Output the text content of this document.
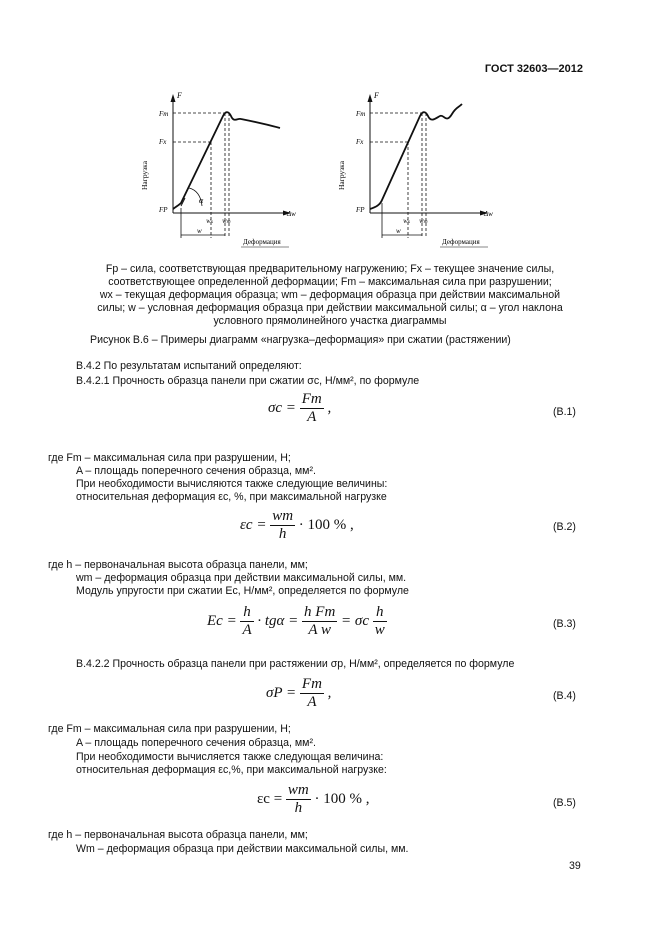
ГОСТ 32603—2012
F
Fm
Fx
FP	Δw
Wx Wm
w
α
Деформация
Нагрузка
F
Fm
Fx
FP	Δw
Wx Wm
w
Деформация
Нагрузка
Fр – сила, соответствующая предварительному нагружению; Fx – текущее значение силы,
соответствующее определенной деформации; Fm – максимальная сила при разрушении;
wx – текущая деформация образца; wm – деформация образца при действии максимальной
силы; w – условная деформация образца при действии максимальной силы; α – угол наклона
условного прямолинейного участка диаграммы
Рисунок В.6 – Примеры диаграмм «нагрузка–деформация» при сжатии (растяжении)
В.4.2 По результатам испытаний определяют:
В.4.2.1 Прочность образца панели при сжатии σc, Н/мм², по формуле
$\sigma c = \frac{Fm}{A}$ ,	(В.1)
где Fm – максимальная сила при разрушении, Н;
A – площадь поперечного сечения образца, мм².
При необходимости вычисляются также следующие величины:
относительная деформация εc, %, при максимальной нагрузке
$\varepsilon c = \frac{wm}{h} \cdot 100$ % ,	(В.2)
где h – первоначальная высота образца панели, мм;
wm – деформация образца при действии максимальной силы, мм.
Модуль упругости при сжатии Ec, Н/мм², определяется по формуле
$Ec = \frac{h}{A} \cdot tg\alpha = \frac{\text{h Fm}}{\text{A w}} = \sigma c \frac{h}{w}$	(В.3)
В.4.2.2 Прочность образца панели при растяжении σp, Н/мм², определяется по формуле
$\sigma P = \frac{Fm}{A}$ ,	(В.4)
где Fm – максимальная сила при разрушении, Н;
A – площадь поперечного сечения образца, мм².
При необходимости вычисляется также следующая величина:
относительная деформация εc,%, при максимальной нагрузке:
$\varepsilon c = \frac{wm}{h} \cdot 100$ % ,	(В.5)
где h – первоначальная высота образца панели, мм;
Wm – деформация образца при действии максимальной силы, мм.
39
